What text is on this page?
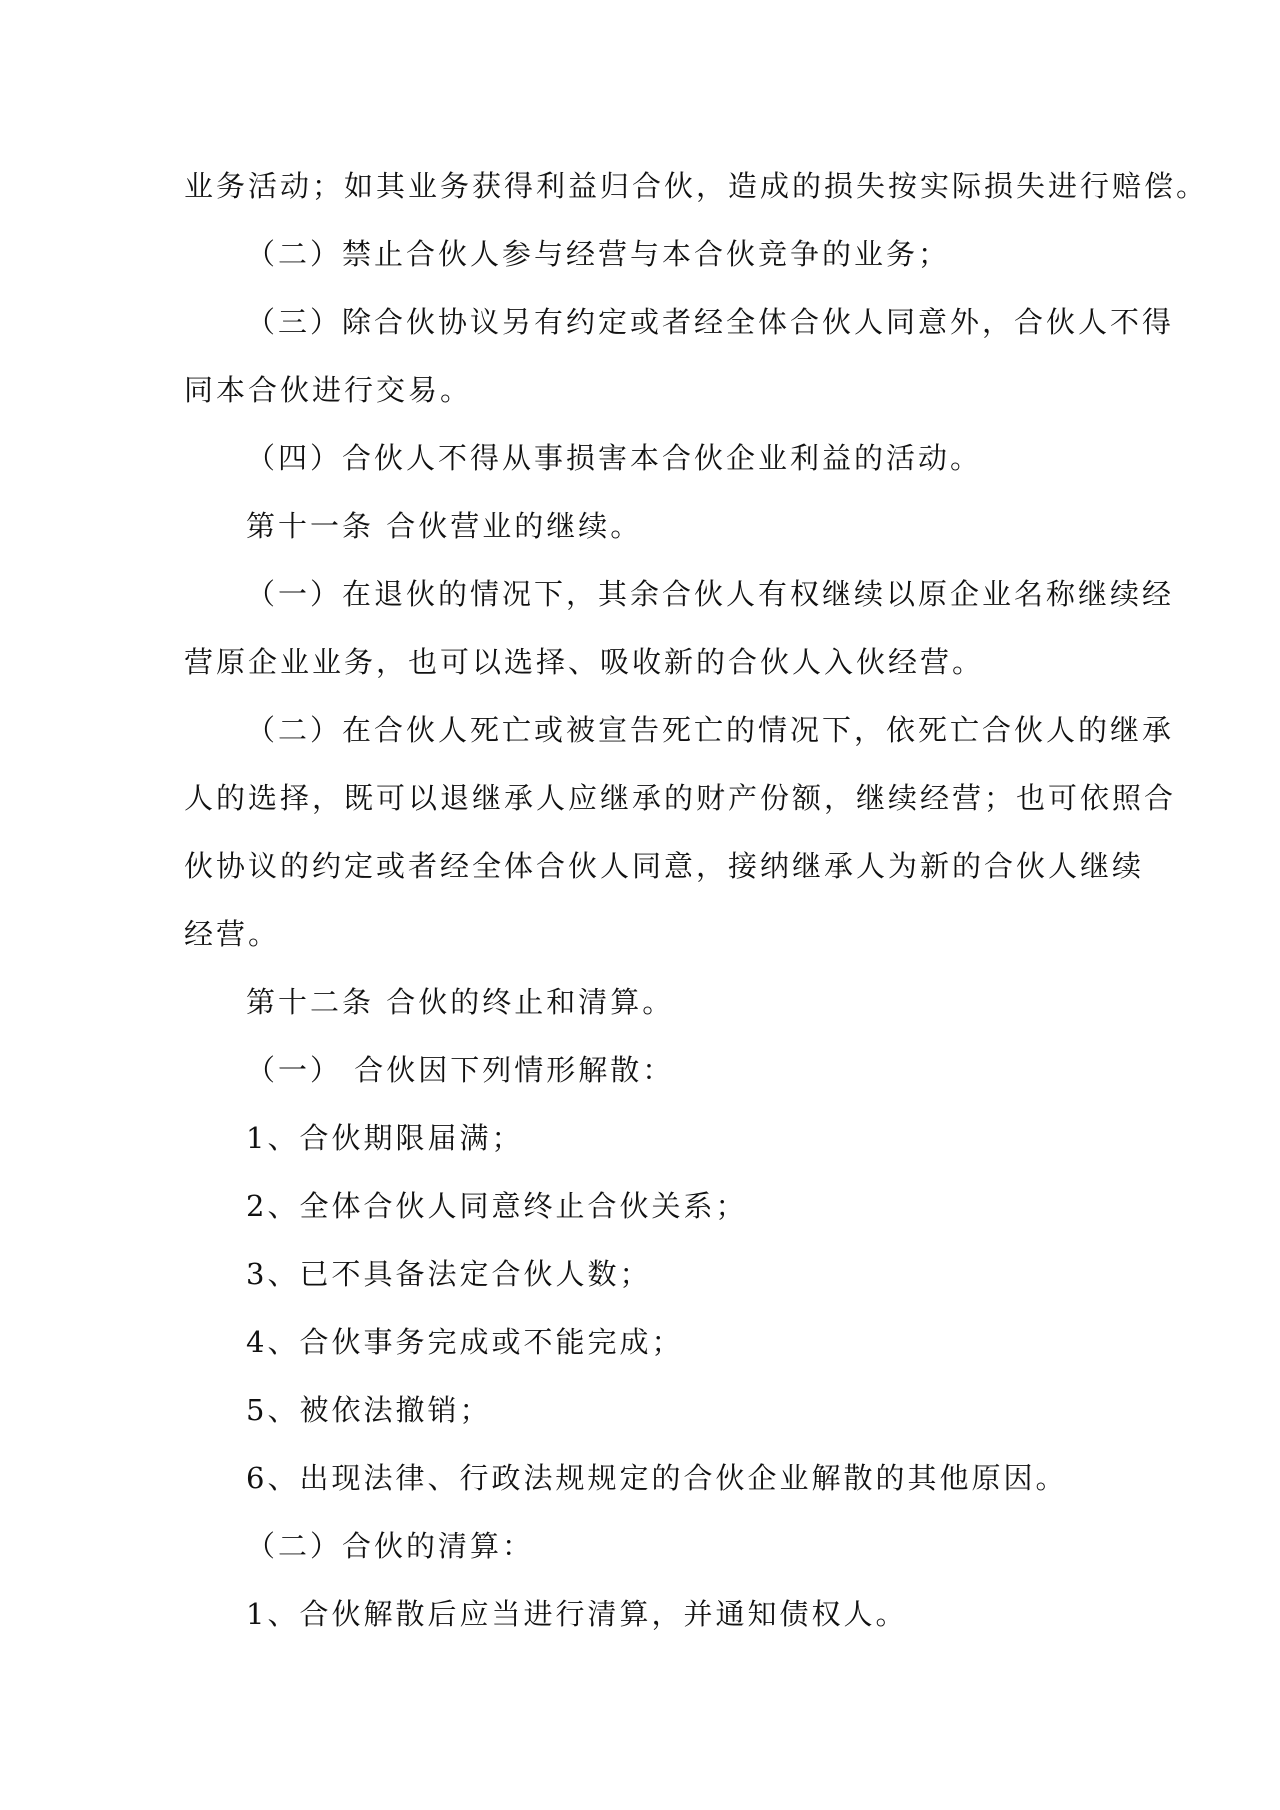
业务活动；如其业务获得利益归合伙，造成的损失按实际损失进行赔偿。
（二）禁止合伙人参与经营与本合伙竞争的业务；
（三）除合伙协议另有约定或者经全体合伙人同意外，合伙人不得
同本合伙进行交易。
（四）合伙人不得从事损害本合伙企业利益的活动。
第十一条 合伙营业的继续。
（一）在退伙的情况下，其余合伙人有权继续以原企业名称继续经
营原企业业务，也可以选择、吸收新的合伙人入伙经营。
（二）在合伙人死亡或被宣告死亡的情况下，依死亡合伙人的继承
人的选择，既可以退继承人应继承的财产份额，继续经营；也可依照合
伙协议的约定或者经全体合伙人同意，接纳继承人为新的合伙人继续
经营。
第十二条 合伙的终止和清算。
（一） 合伙因下列情形解散：
1、合伙期限届满；
2、全体合伙人同意终止合伙关系；
3、已不具备法定合伙人数；
4、合伙事务完成或不能完成；
5、被依法撤销；
6、出现法律、行政法规规定的合伙企业解散的其他原因。
（二）合伙的清算：
1、合伙解散后应当进行清算，并通知债权人。
